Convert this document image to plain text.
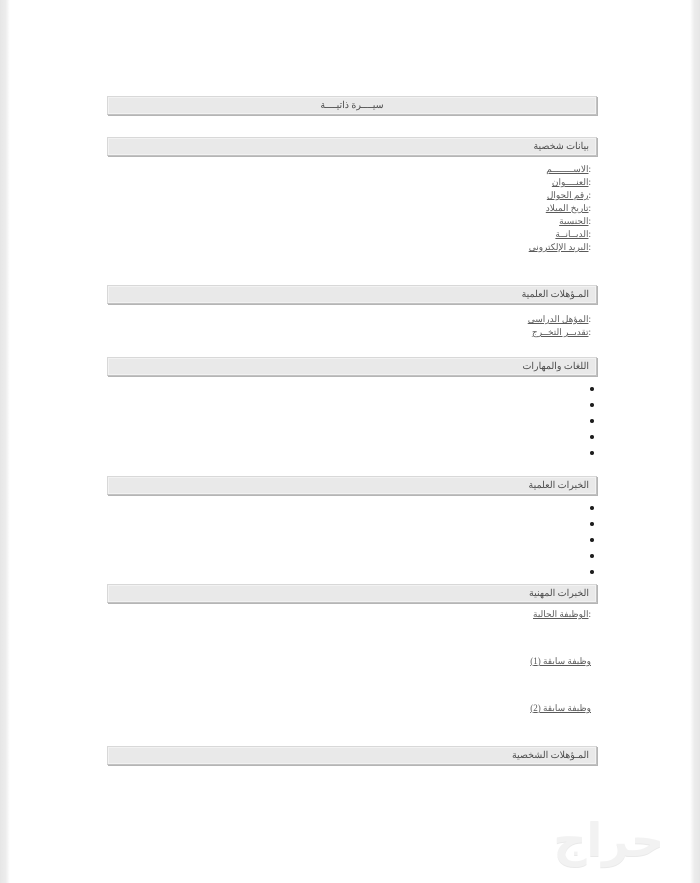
سيــــرة ذاتيــــة
بيانات شخصية
:
الاســــــــم
:
العنــــوان
:
رقم الجوال
:
تاريخ الميلاد
:
الجنسية
:
الديــانــة
:
البريد الإلكتروني
المـؤهلات العلمية
:
المؤهل الدراسي
:
تقديــر التخــرج
اللغات والمهارات
الخبرات العلمية
الخبرات المهنية
:
الوظيفة الحالية
وظيفة سابقة (1)
وظيفة سابقة (2)
المـؤهلات الشخصية
حراج
